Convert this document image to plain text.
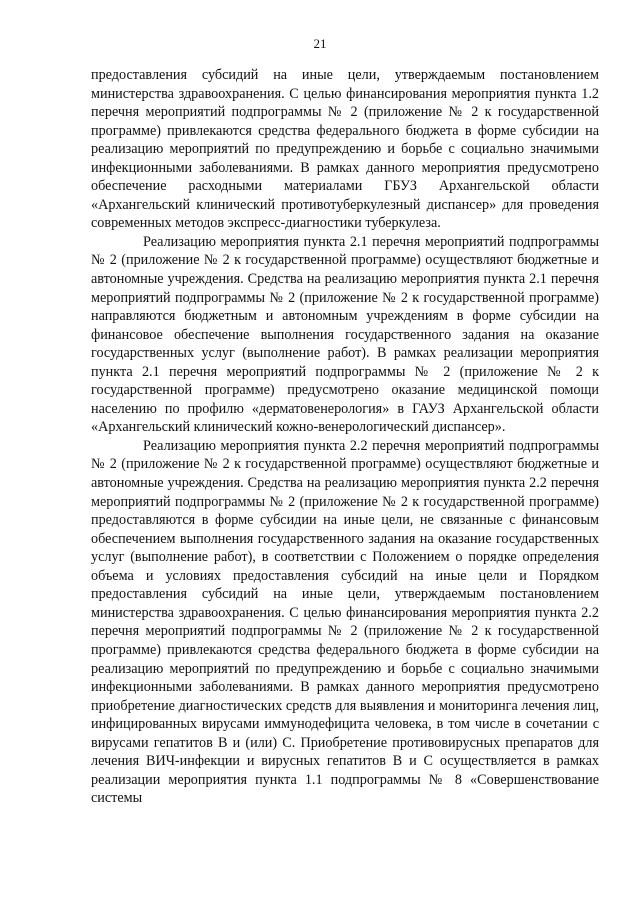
21

предоставления субсидий на иные цели, утверждаемым постановлением министерства здравоохранения. С целью финансирования мероприятия пункта 1.2 перечня мероприятий подпрограммы № 2 (приложение № 2 к государственной программе) привлекаются средства федерального бюджета в форме субсидии на реализацию мероприятий по предупреждению и борьбе с социально значимыми инфекционными заболеваниями. В рамках данного мероприятия предусмотрено обеспечение расходными материалами ГБУЗ Архангельской области «Архангельский клинический противотуберкулезный диспансер» для проведения современных методов экспресс-диагностики туберкулеза.

Реализацию мероприятия пункта 2.1 перечня мероприятий подпрограммы № 2 (приложение № 2 к государственной программе) осуществляют бюджетные и автономные учреждения. Средства на реализацию мероприятия пункта 2.1 перечня мероприятий подпрограммы № 2 (приложение № 2 к государственной программе) направляются бюджетным и автономным учреждениям в форме субсидии на финансовое обеспечение выполнения государственного задания на оказание государственных услуг (выполнение работ). В рамках реализации мероприятия пункта 2.1 перечня мероприятий подпрограммы № 2 (приложение № 2 к государственной программе) предусмотрено оказание медицинской помощи населению по профилю «дерматовенерология» в ГАУЗ Архангельской области «Архангельский клинический кожно-венерологический диспансер».

Реализацию мероприятия пункта 2.2 перечня мероприятий подпрограммы № 2 (приложение № 2 к государственной программе) осуществляют бюджетные и автономные учреждения. Средства на реализацию мероприятия пункта 2.2 перечня мероприятий подпрограммы № 2 (приложение № 2 к государственной программе) предоставляются в форме субсидии на иные цели, не связанные с финансовым обеспечением выполнения государственного задания на оказание государственных услуг (выполнение работ), в соответствии с Положением о порядке определения объема и условиях предоставления субсидий на иные цели и Порядком предоставления субсидий на иные цели, утверждаемым постановлением министерства здравоохранения. С целью финансирования мероприятия пункта 2.2 перечня мероприятий подпрограммы № 2 (приложение № 2 к государственной программе) привлекаются средства федерального бюджета в форме субсидии на реализацию мероприятий по предупреждению и борьбе с социально значимыми инфекционными заболеваниями. В рамках данного мероприятия предусмотрено приобретение диагностических средств для выявления и мониторинга лечения лиц, инфицированных вирусами иммунодефицита человека, в том числе в сочетании с вирусами гепатитов В и (или) С. Приобретение противовирусных препаратов для лечения ВИЧ-инфекции и вирусных гепатитов В и С осуществляется в рамках реализации мероприятия пункта 1.1 подпрограммы № 8 «Совершенствование системы
